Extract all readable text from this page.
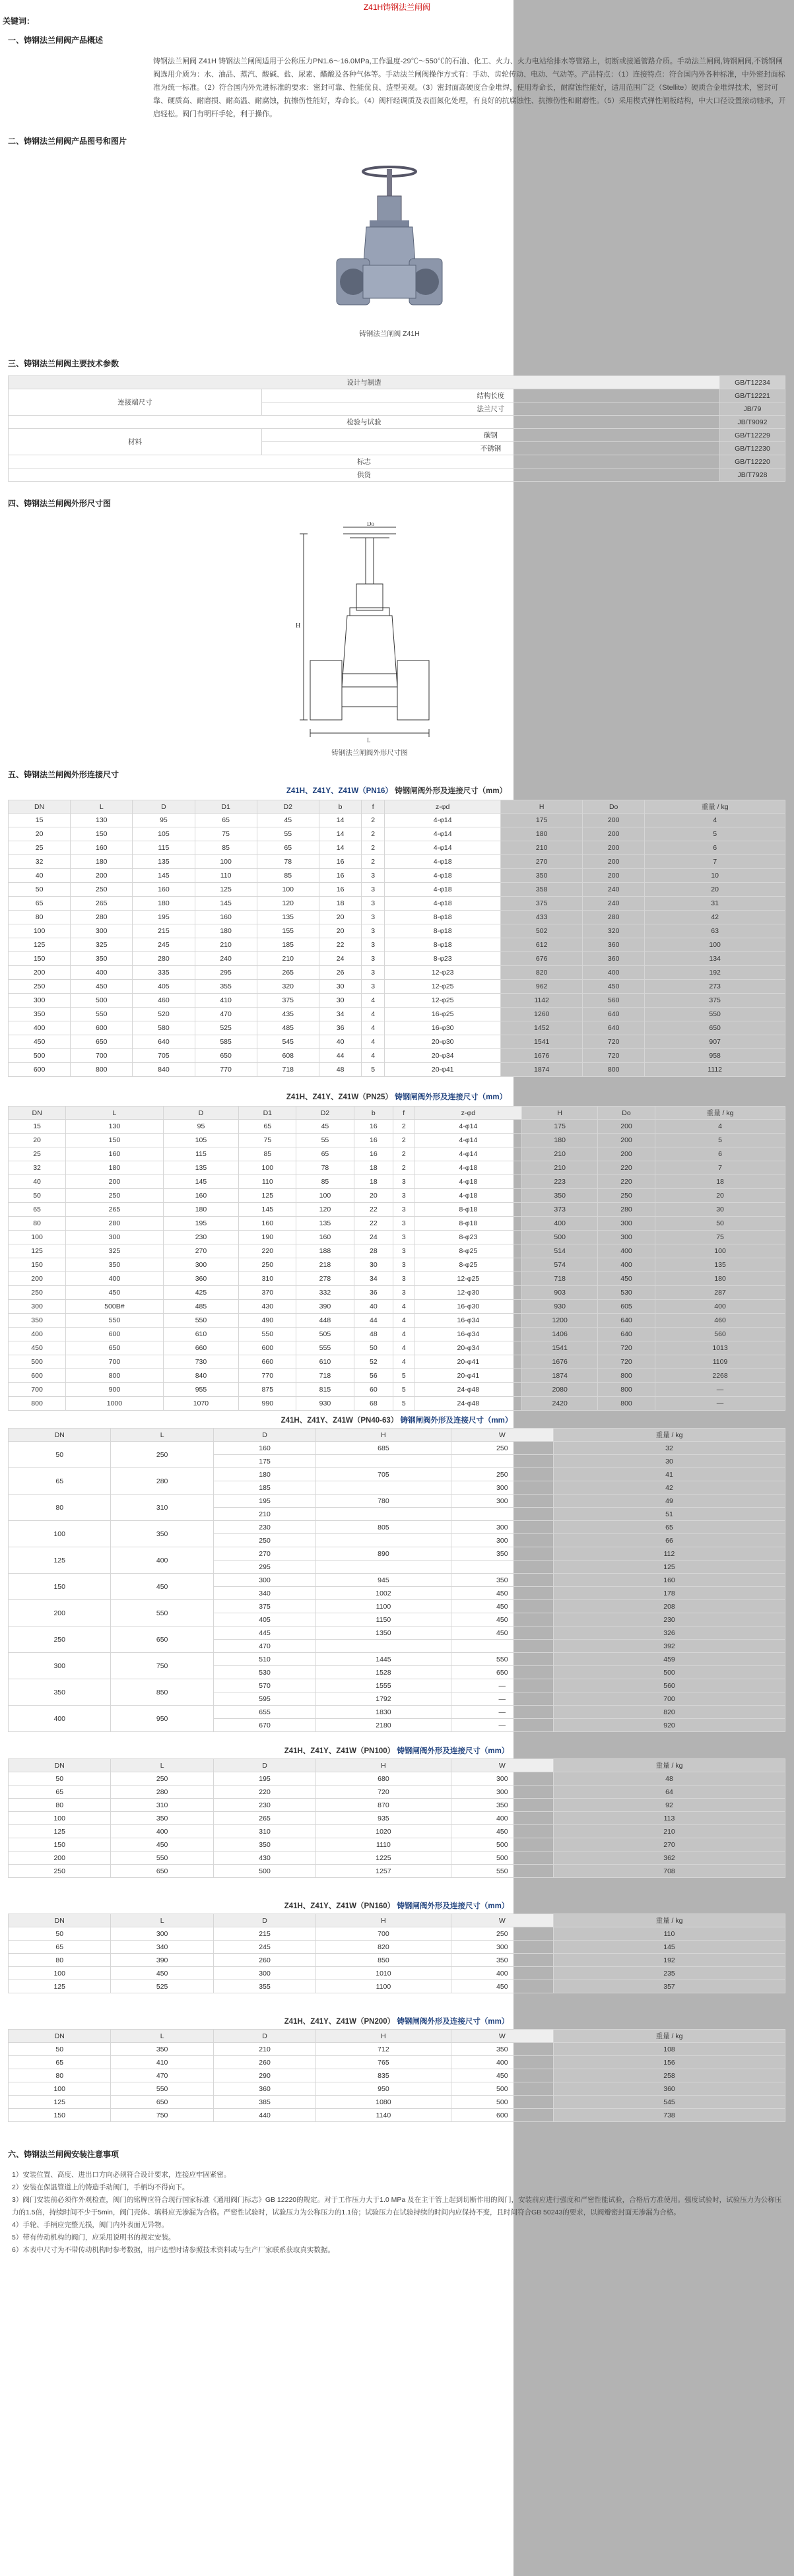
Z41H铸钢法兰闸阀
关键词：
一、铸钢法兰闸阀产品概述

铸钢法兰闸阀 Z41H 铸钢法兰闸阀适用于公称压力PN1.6～16.0MPa,工作温度-29℃～550℃的石油、化工、火力、火力电站给排水等管路上，切断或接通管路介质。手动法兰闸阀,铸钢闸阀,不锈钢闸阀选用介质为：水、油品、蒸汽、酸碱、盐、尿素、醋酸及各种气体等。手动法兰闸阀操作方式有：手动、齿轮传动、电动、气动等。产品特点：（1）连接特点：符合国内外各种标准，中外密封面标准为统一标准。（2）符合国内外先进标准的要求：密封可靠、性能优良、造型美观。（3）密封面高硬度合金堆焊，使用寿命长，耐腐蚀性能好，适用范围广泛（Stellite）硬质合金堆焊技术，密封可靠、硬质高、耐磨损、耐高温、耐腐蚀，抗擦伤性能好，寿命长。（4）阀杆经调质及表面氮化处理，有良好的抗腐蚀性、抗擦伤性和耐磨性。（5）采用楔式弹性闸板结构，中大口径设置滚动轴承，开启轻松。阀门有明杆手轮，利于操作。

二、铸钢法兰闸阀产品图号和图片
铸钢法兰闸阀 Z41H
三、铸钢法兰闸阀主要技术参数
设计与制造		GB/T12234
连接端尺寸	结构长度	GB/T12221
	法兰尺寸	JB/79
检验与试验		JB/T9092
材料	碳钢	GB/T12229
	不锈钢	GB/T12230
标志		GB/T12220
供货		JB/T7928
四、铸钢法兰闸阀外形尺寸图
H
Do
L
铸钢法兰闸阀外形尺寸图
五、铸钢法兰闸阀外形连接尺寸
Z41H、Z41Y、Z41W（PN16） 铸钢闸阀外形及连接尺寸（mm）
DN	L	D	D1	D2	b	f	z-φd	H	Do	重量 / kg
15	130	95	65	45	14	2	4-φ14	175	200	4
20	150	105	75	55	14	2	4-φ14	180	200	5
25	160	115	85	65	14	2	4-φ14	210	200	6
32	180	135	100	78	16	2	4-φ18	270	200	7
40	200	145	110	85	16	3	4-φ18	350	200	10
50	250	160	125	100	16	3	4-φ18	358	240	20
65	265	180	145	120	18	3	4-φ18	375	240	31
80	280	195	160	135	20	3	8-φ18	433	280	42
100	300	215	180	155	20	3	8-φ18	502	320	63
125	325	245	210	185	22	3	8-φ18	612	360	100
150	350	280	240	210	24	3	8-φ23	676	360	134
200	400	335	295	265	26	3	12-φ23	820	400	192
250	450	405	355	320	30	3	12-φ25	962	450	273
300	500	460	410	375	30	4	12-φ25	1142	560	375
350	550	520	470	435	34	4	16-φ25	1260	640	550
400	600	580	525	485	36	4	16-φ30	1452	640	650
450	650	640	585	545	40	4	20-φ30	1541	720	907
500	700	705	650	608	44	4	20-φ34	1676	720	958
600	800	840	770	718	48	5	20-φ41	1874	800	1112
Z41H、Z41Y、Z41W（PN25） 铸钢闸阀外形及连接尺寸（mm）
DN	L	D	D1	D2	b	f	z-φd	H	Do	重量 / kg
15	130	95	65	45	16	2	4-φ14	175	200	4
20	150	105	75	55	16	2	4-φ14	180	200	5
25	160	115	85	65	16	2	4-φ14	210	200	6
32	180	135	100	78	18	2	4-φ18	210	220	7
40	200	145	110	85	18	3	4-φ18	223	220	18
50	250	160	125	100	20	3	4-φ18	350	250	20
65	265	180	145	120	22	3	8-φ18	373	280	30
80	280	195	160	135	22	3	8-φ18	400	300	50
100	300	230	190	160	24	3	8-φ23	500	300	75
125	325	270	220	188	28	3	8-φ25	514	400	100
150	350	300	250	218	30	3	8-φ25	574	400	135
200	400	360	310	278	34	3	12-φ25	718	450	180
250	450	425	370	332	36	3	12-φ30	903	530	287
300	500B#	485	430	390	40	4	16-φ30	930	605	400
350	550	550	490	448	44	4	16-φ34	1200	640	460
400	600	610	550	505	48	4	16-φ34	1406	640	560
450	650	660	600	555	50	4	20-φ34	1541	720	1013
500	700	730	660	610	52	4	20-φ41	1676	720	1109
600	800	840	770	718	56	5	20-φ41	1874	800	2268
700	900	955	875	815	60	5	24-φ48	2080	800	—
800	1000	1070	990	930	68	5	24-φ48	2420	800	—
Z41H、Z41Y、Z41W（PN40-63） 铸钢闸阀外形及连接尺寸（mm）
DN	L	D	H	W	重量 / kg
50	250	160	685	250	32
		175			30
65	280	180	705	250	41
		185		300	42
80	310	195	780	300	49
		210			51
100	350	230	805	300	65
		250		300	66
125	400	270	890	350	112
		295			125
150	450	300	945	350	160
		340	1002	450	178
200	550	375	1100	450	208
		405	1150	450	230
250	650	445	1350	450	326
		470			392
300	750	510	1445	550	459
		530	1528	650	500
350	850	570	1555	—	560
		595	1792	—	700
400	950	655	1830	—	820
		670	2180	—	920
Z41H、Z41Y、Z41W（PN100） 铸钢闸阀外形及连接尺寸（mm）
DN	L	D	H	W	重量 / kg
50	250	195	680	300	48
65	280	220	720	300	64
80	310	230	870	350	92
100	350	265	935	400	113
125	400	310	1020	450	210
150	450	350	1110	500	270
200	550	430	1225	500	362
250	650	500	1257	550	708
Z41H、Z41Y、Z41W（PN160） 铸钢闸阀外形及连接尺寸（mm）
DN	L	D	H	W	重量 / kg
50	300	215	700	250	110
65	340	245	820	300	145
80	390	260	850	350	192
100	450	300	1010	400	235
125	525	355	1100	450	357
Z41H、Z41Y、Z41W（PN200） 铸钢闸阀外形及连接尺寸（mm）
DN	L	D	H	W	重量 / kg
50	350	210	712	350	108
65	410	260	765	400	156
80	470	290	835	450	258
100	550	360	950	500	360
125	650	385	1080	500	545
150	750	440	1140	600	738
六、铸钢法兰闸阀安装注意事项
1）安装位置、高度、进出口方向必须符合设计要求，连接应牢固紧密。
2）安装在保温管道上的铸造手动阀门，手柄均不得向下。
3）阀门安装前必须作外观检查，阀门的铭牌应符合现行国家标准《通用阀门标志》GB 12220的规定。对于工作压力大于1.0 MPa 及在主干管上起到切断作用的阀门，安装前应进行强度和严密性能试验，合格后方准使用。强度试验时，试验压力为公称压力的1.5倍，持续时间不少于5min，阀门壳体、填料应无渗漏为合格。严密性试验时，试验压力为公称压力的1.1倍；试验压力在试验持续的时间内应保持不变，且时间符合GB 50243的要求，以阀瓣密封面无渗漏为合格。
4）手轮、手柄应完整无损，阀门内外表面无异物。
5）带有传动机构的阀门，应采用说明书的规定安装。
6）本表中尺寸为不带传动机构时参考数据，用户选型时请参照技术资料或与生产厂家联系获取真实数据。
